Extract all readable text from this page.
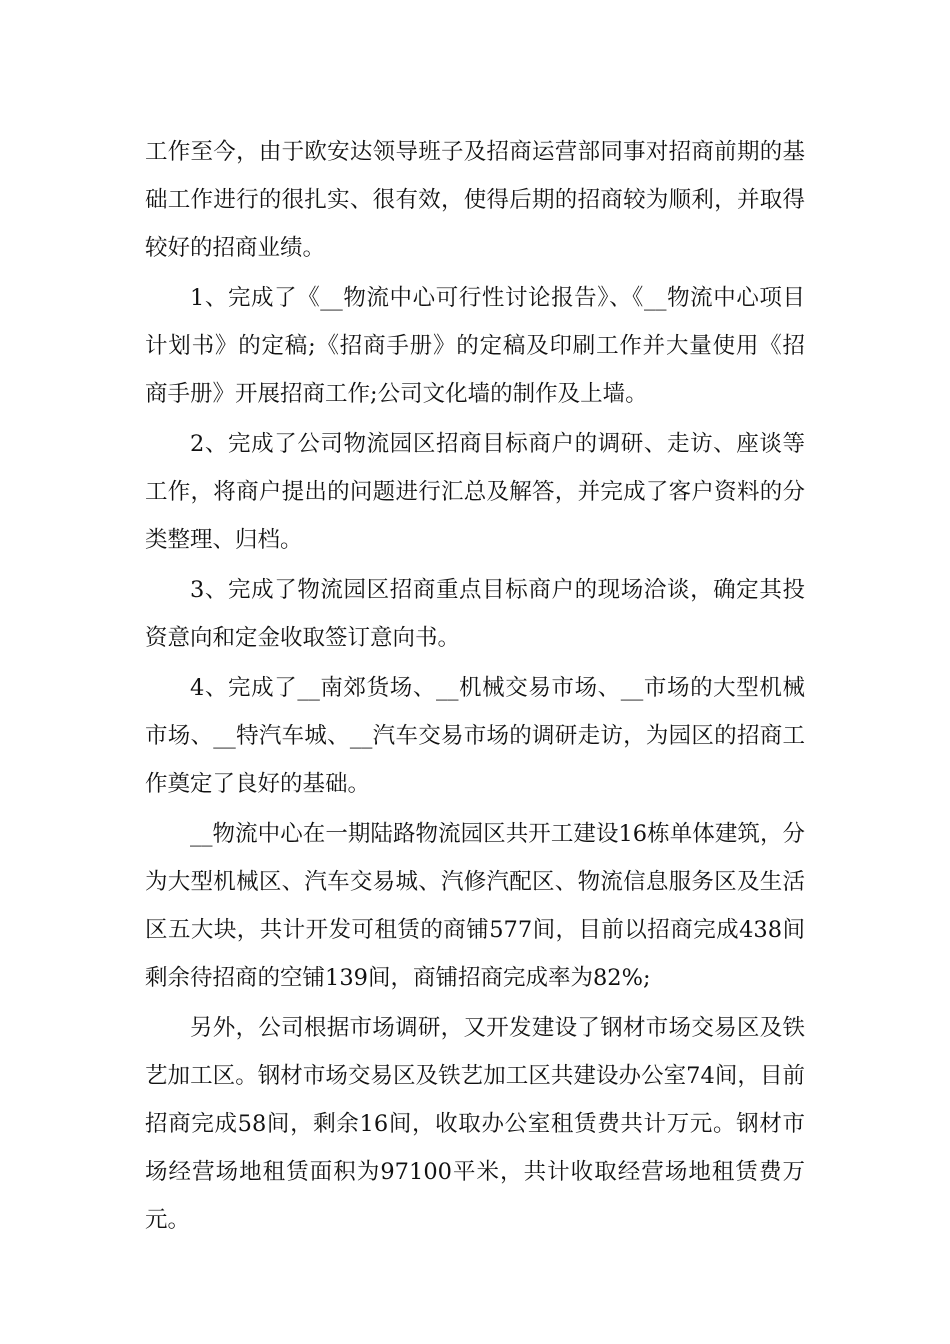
工作至今，由于欧安达领导班子及招商运营部同事对招商前期的基础工作进行的很扎实、很有效，使得后期的招商较为顺利，并取得较好的招商业绩。

1、完成了《__物流中心可行性讨论报告》、《__物流中心项目计划书》的定稿;《招商手册》的定稿及印刷工作并大量使用《招商手册》开展招商工作;公司文化墙的制作及上墙。

2、完成了公司物流园区招商目标商户的调研、走访、座谈等工作，将商户提出的问题进行汇总及解答，并完成了客户资料的分类整理、归档。

3、完成了物流园区招商重点目标商户的现场洽谈，确定其投资意向和定金收取签订意向书。

4、完成了__南郊货场、__机械交易市场、__市场的大型机械市场、__特汽车城、__汽车交易市场的调研走访，为园区的招商工作奠定了良好的基础。

__物流中心在一期陆路物流园区共开工建设16栋单体建筑，分为大型机械区、汽车交易城、汽修汽配区、物流信息服务区及生活区五大块，共计开发可租赁的商铺577间，目前以招商完成438间剩余待招商的空铺139间，商铺招商完成率为82%;

另外，公司根据市场调研，又开发建设了钢材市场交易区及铁艺加工区。钢材市场交易区及铁艺加工区共建设办公室74间，目前招商完成58间，剩余16间，收取办公室租赁费共计万元。钢材市场经营场地租赁面积为97100平米，共计收取经营场地租赁费万元。
